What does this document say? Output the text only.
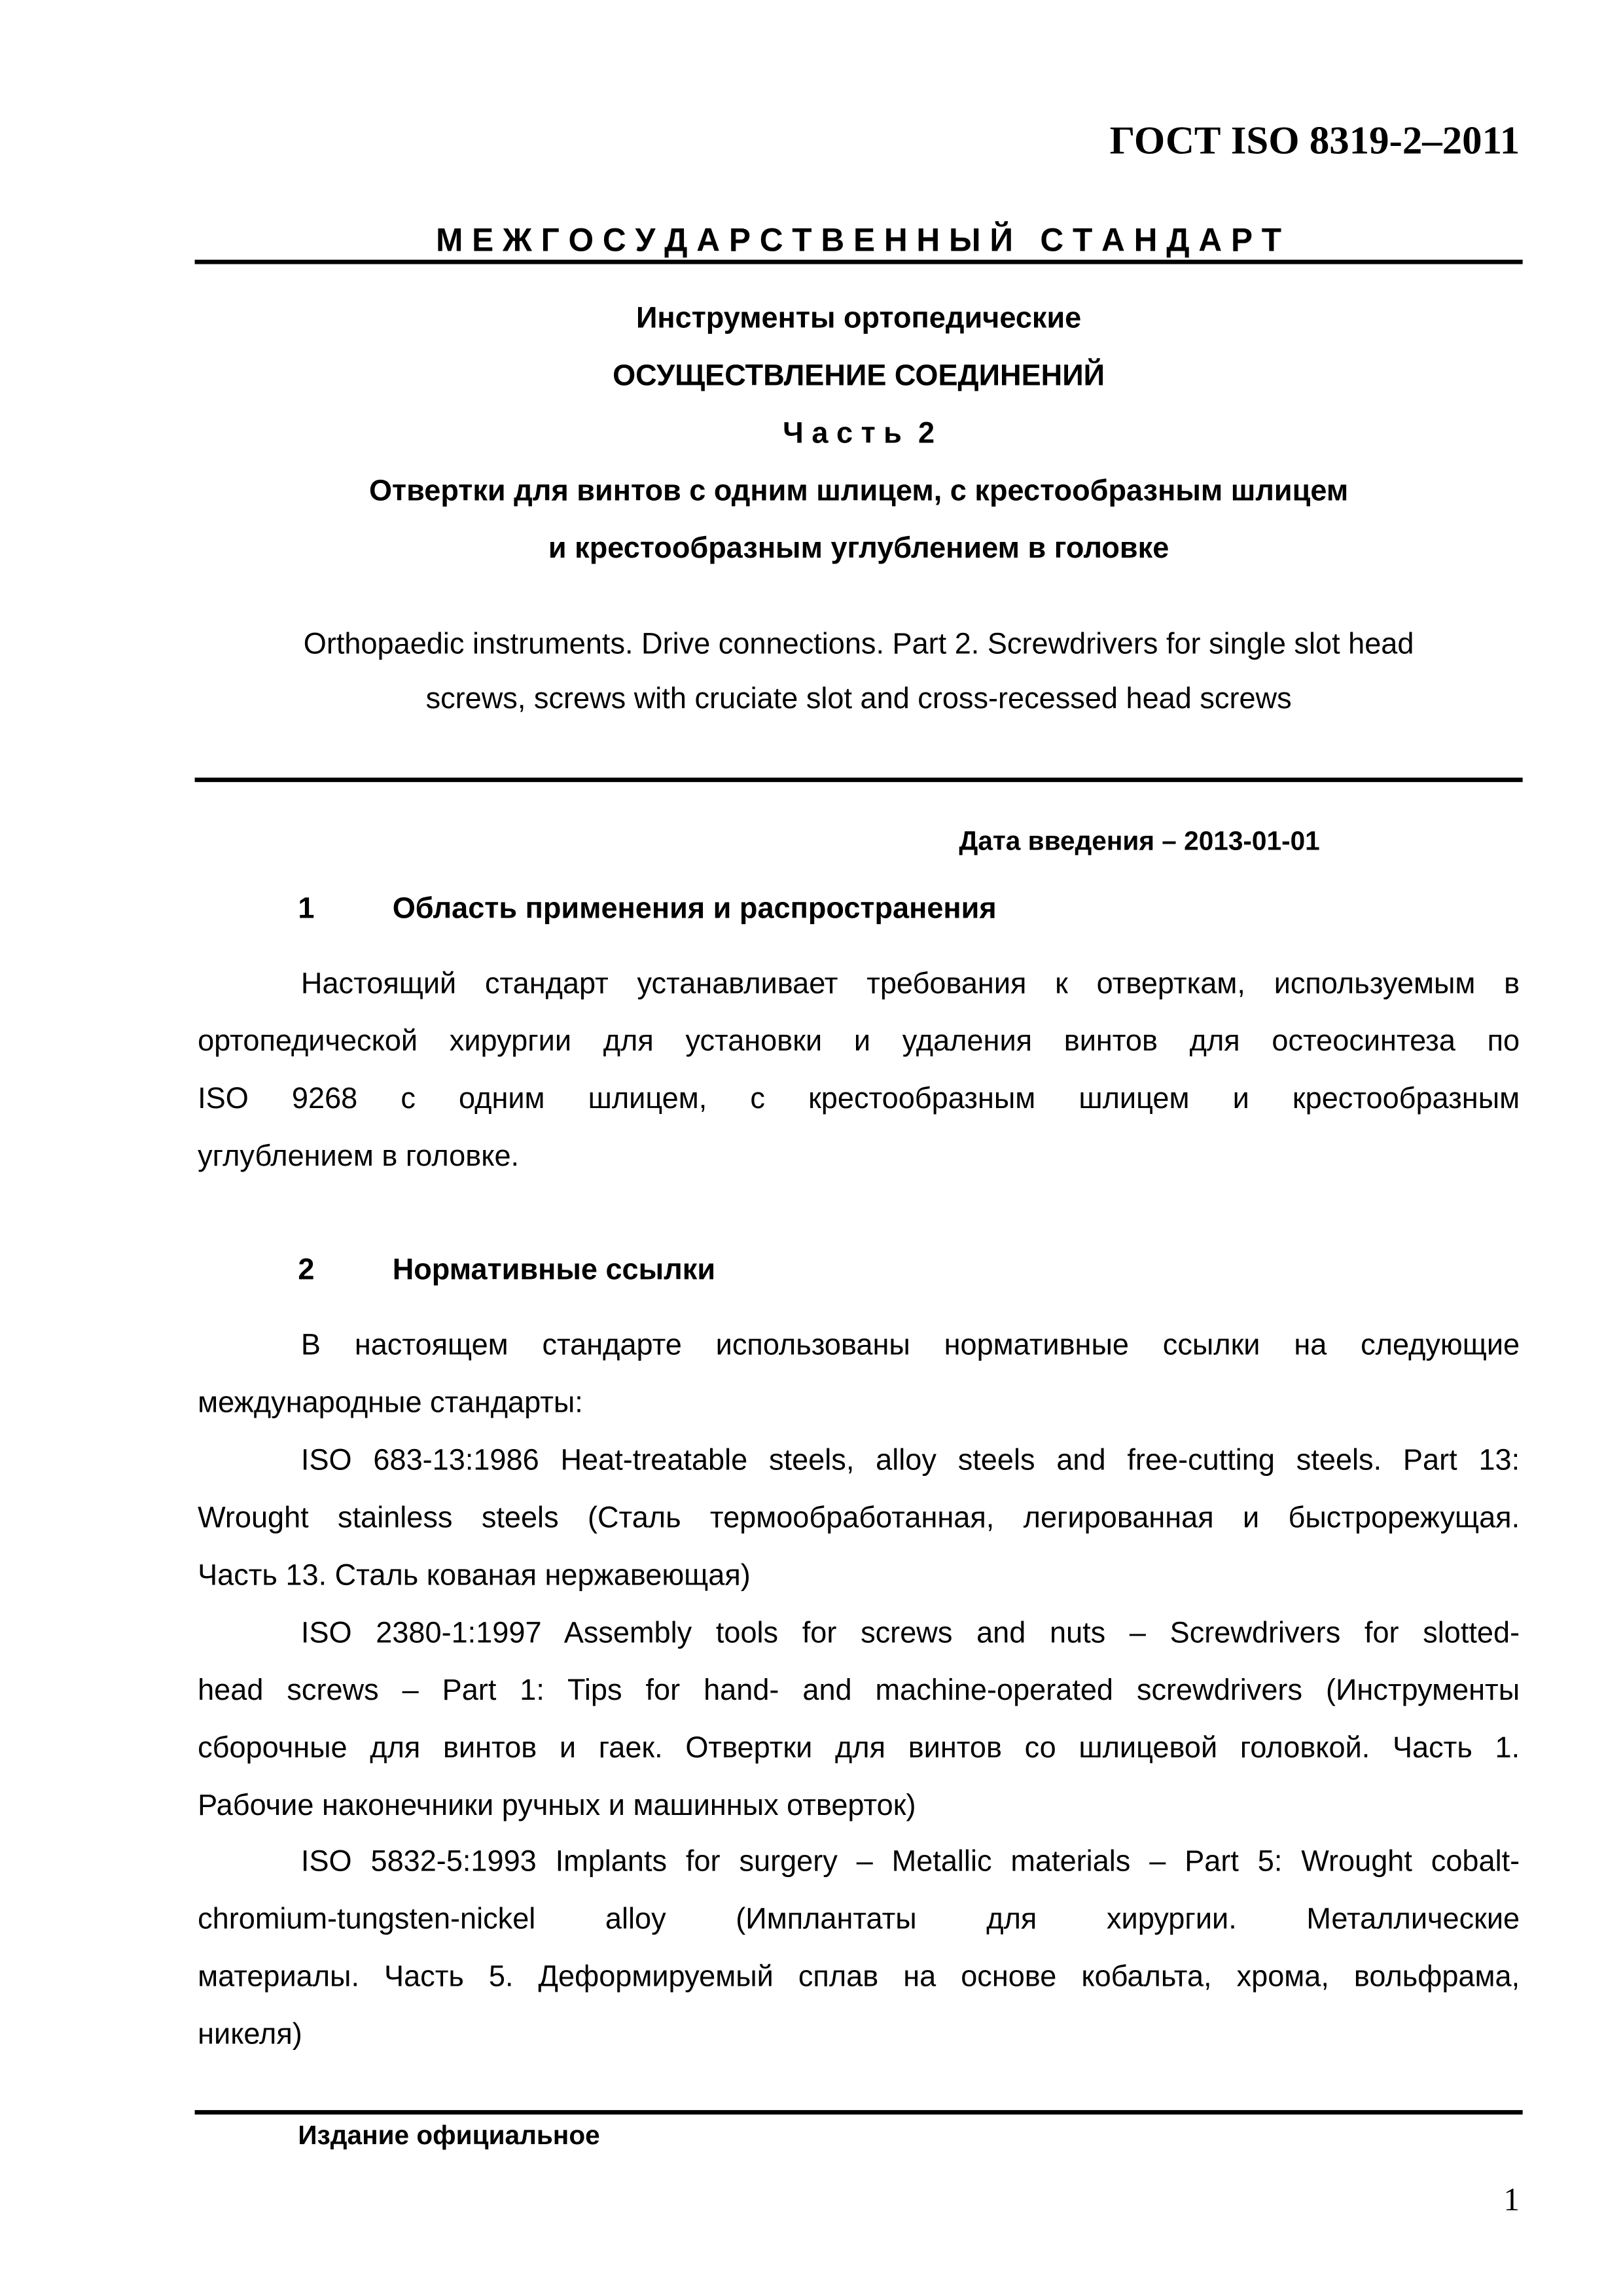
ГОСТ ISO 8319-2–2011
М Е Ж Г О С У Д А Р С Т В Е Н Н Ы Й   С Т А Н Д А Р Т
Инструменты ортопедические
ОСУЩЕСТВЛЕНИЕ СОЕДИНЕНИЙ
Ч а с т ь  2
Отвертки для винтов с одним шлицем, с крестообразным шлицем
и крестообразным углублением в головке
Orthopaedic instruments. Drive connections. Part 2. Screwdrivers for single slot head
screws, screws with cruciate slot and cross-recessed head screws
Дата введения – 2013-01-01
1	Область применения и распространения
Настоящий стандарт устанавливает требования к отверткам, используемым в
ортопедической хирургии для установки и удаления винтов для остеосинтеза по
ISO 9268 с одним шлицем, с крестообразным шлицем и крестообразным
углублением в головке.
2	Нормативные ссылки
В настоящем стандарте использованы нормативные ссылки на следующие
международные стандарты:
ISO 683-13:1986 Heat-treatable steels, alloy steels and free-cutting steels. Part 13:
Wrought stainless steels (Сталь термообработанная, легированная и быстрорежущая.
Часть 13. Сталь кованая нержавеющая)
ISO 2380-1:1997 Assembly tools for screws and nuts – Screwdrivers for slotted-
head screws – Part 1: Tips for hand- and machine-operated screwdrivers (Инструменты
сборочные для винтов и гаек. Отвертки для винтов со шлицевой головкой. Часть 1.
Рабочие наконечники ручных и машинных отверток)
ISO 5832-5:1993 Implants for surgery – Metallic materials – Part 5: Wrought cobalt-
chromium-tungsten-nickel alloy (Имплантаты для хирургии. Металлические
материалы. Часть 5. Деформируемый сплав на основе кобальта, хрома, вольфрама,
никеля)
Издание официальное
1
